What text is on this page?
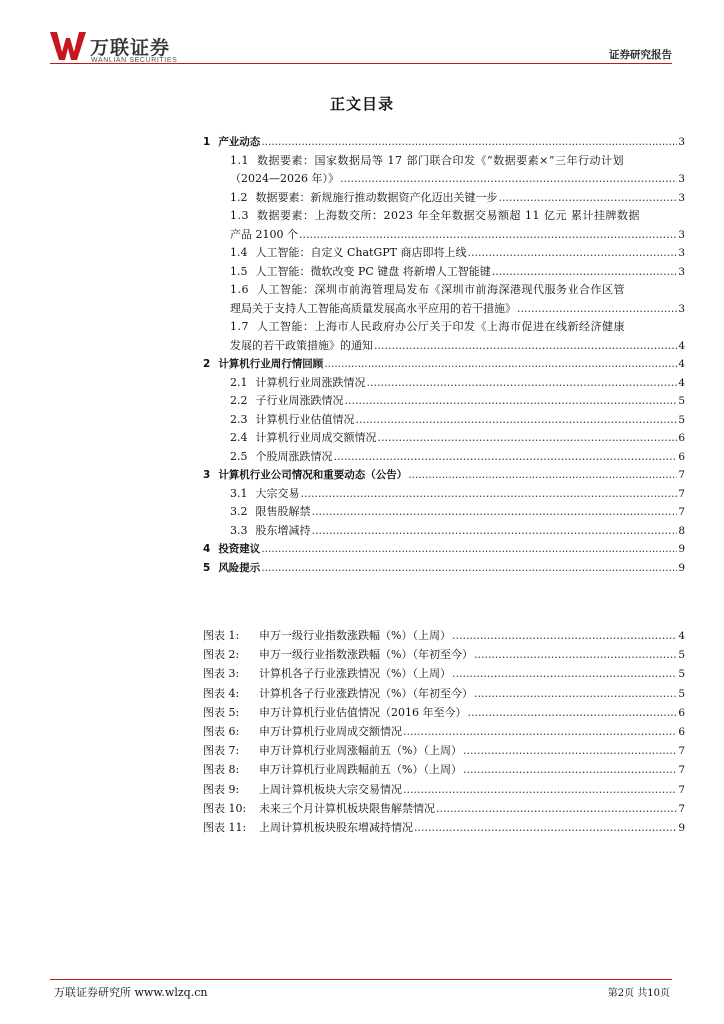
万联证券
WANLIAN SECURITIES	证券研究报告
正文目录
1 产业动态 .....	3
1.1 数据要素：国家数据局等 17 部门联合印发《“数据要素×”三年行动计划
（2024—2026 年）》 .....	3
1.2 数据要素：新规施行推动数据资产化迈出关键一步 .....	3
1.3 数据要素：上海数交所：2023 年全年数据交易额超 11 亿元 累计挂牌数据
产品 2100 个 .....	3
1.4 人工智能：自定义 ChatGPT 商店即将上线 .....	3
1.5 人工智能：微软改变 PC 键盘 将新增人工智能键 .....	3
1.6 人工智能：深圳市前海管理局发布《深圳市前海深港现代服务业合作区管
理局关于支持人工智能高质量发展高水平应用的若干措施》 .....	3
1.7 人工智能：上海市人民政府办公厅关于印发《上海市促进在线新经济健康
发展的若干政策措施》的通知 .....	4
2 计算机行业周行情回顾 .....	4
2.1 计算机行业周涨跌情况 .....	4
2.2 子行业周涨跌情况 .....	5
2.3 计算机行业估值情况 .....	5
2.4 计算机行业周成交额情况 .....	6
2.5 个股周涨跌情况 .....	6
3 计算机行业公司情况和重要动态（公告） .....	7
3.1 大宗交易 .....	7
3.2 限售股解禁 .....	7
3.3 股东增减持 .....	8
4 投资建议 .....	9
5 风险提示 .....	9
图表 1:	申万一级行业指数涨跌幅（%）（上周） .....	4
图表 2:	申万一级行业指数涨跌幅（%）（年初至今） .....	5
图表 3:	计算机各子行业涨跌情况（%）（上周） .....	5
图表 4:	计算机各子行业涨跌情况（%）（年初至今） .....	5
图表 5:	申万计算机行业估值情况（2016 年至今） .....	6
图表 6:	申万计算机行业周成交额情况 .....	6
图表 7:	申万计算机行业周涨幅前五（%）（上周） .....	7
图表 8:	申万计算机行业周跌幅前五（%）（上周） .....	7
图表 9:	上周计算机板块大宗交易情况 .....	7
图表 10:	未来三个月计算机板块限售解禁情况 .....	7
图表 11:	上周计算机板块股东增减持情况 .....	9
万联证券研究所 www.wlzq.cn	第2页 共10页
